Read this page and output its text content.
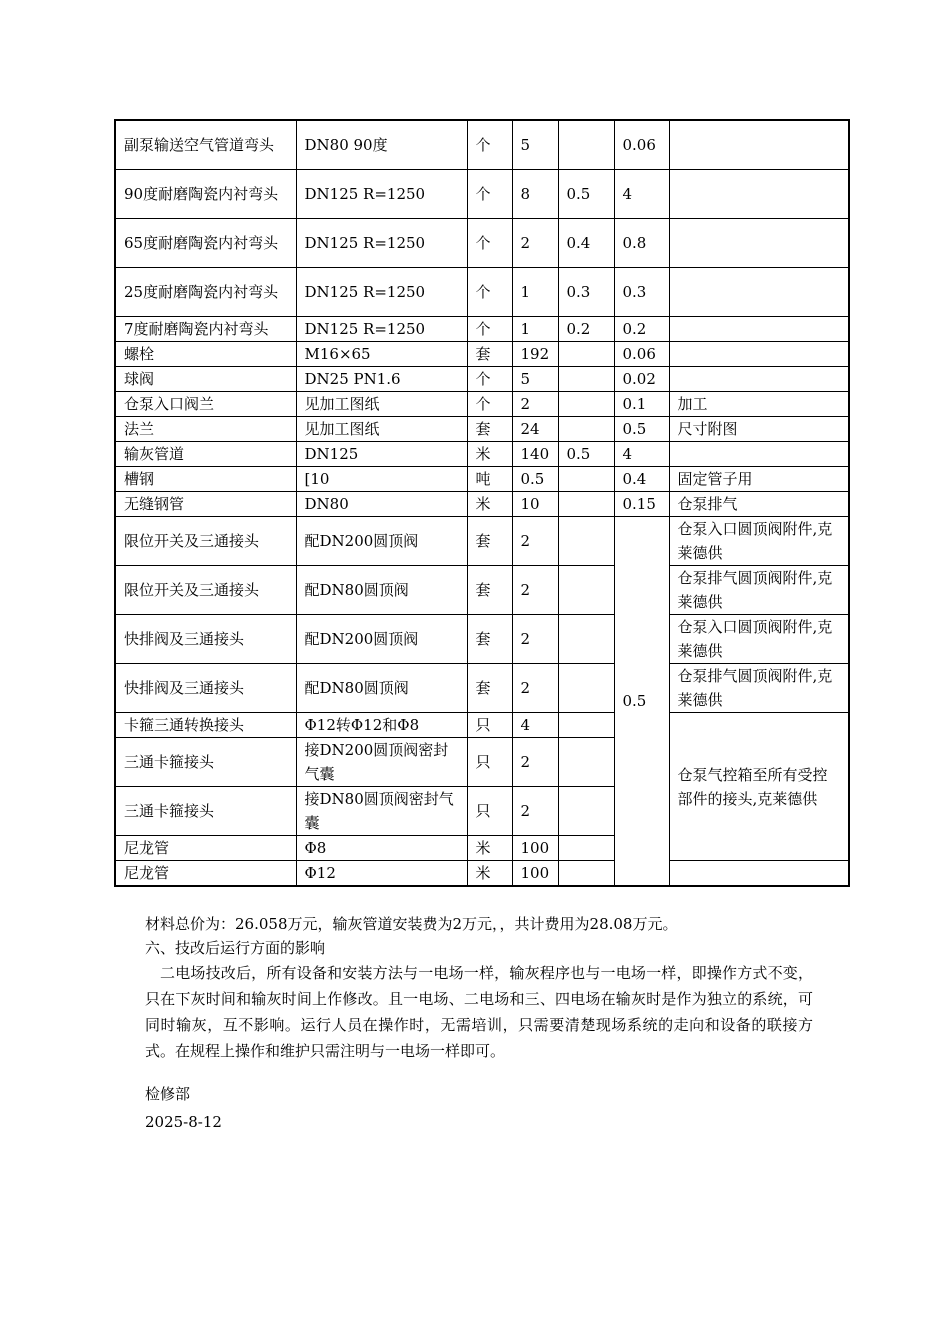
副泵输送空气管道弯头	DN80 90度	个	5		0.06	
90度耐磨陶瓷内衬弯头	DN125 R=1250	个	8	0.5	4	
65度耐磨陶瓷内衬弯头	DN125 R=1250	个	2	0.4	0.8	
25度耐磨陶瓷内衬弯头	DN125 R=1250	个	1	0.3	0.3	
7度耐磨陶瓷内衬弯头	DN125 R=1250	个	1	0.2	0.2	
螺栓	M16×65	套	192		0.06	
球阀	DN25 PN1.6	个	5		0.02	
仓泵入口阀兰	见加工图纸	个	2		0.1	加工
法兰	见加工图纸	套	24		0.5	尺寸附图
输灰管道	DN125	米	140	0.5	4	
槽钢	[10	吨	0.5		0.4	固定管子用
无缝钢管	DN80	米	10		0.15	仓泵排气
限位开关及三通接头	配DN200圆顶阀	套	2		0.5	仓泵入口圆顶阀附件,克莱德供
限位开关及三通接头	配DN80圆顶阀	套	2			仓泵排气圆顶阀附件,克莱德供
快排阀及三通接头	配DN200圆顶阀	套	2			仓泵入口圆顶阀附件,克莱德供
快排阀及三通接头	配DN80圆顶阀	套	2			仓泵排气圆顶阀附件,克莱德供
卡箍三通转换接头	Φ12转Φ12和Φ8	只	4			仓泵气控箱至所有受控部件的接头,克莱德供
三通卡箍接头	接DN200圆顶阀密封气囊	只	2			
三通卡箍接头	接DN80圆顶阀密封气囊	只	2			
尼龙管	Φ8	米	100			
尼龙管	Φ12	米	100			
材料总价为：26.058万元，输灰管道安装费为2万元，，共计费用为28.08万元。
六、技改后运行方面的影响
二电场技改后，所有设备和安装方法与一电场一样，输灰程序也与一电场一样，即操作方式不变，只在下灰时间和输灰时间上作修改。且一电场、二电场和三、四电场在输灰时是作为独立的系统，可同时输灰，互不影响。运行人员在操作时，无需培训，只需要清楚现场系统的走向和设备的联接方式。在规程上操作和维护只需注明与一电场一样即可。
检修部
2025-8-12
